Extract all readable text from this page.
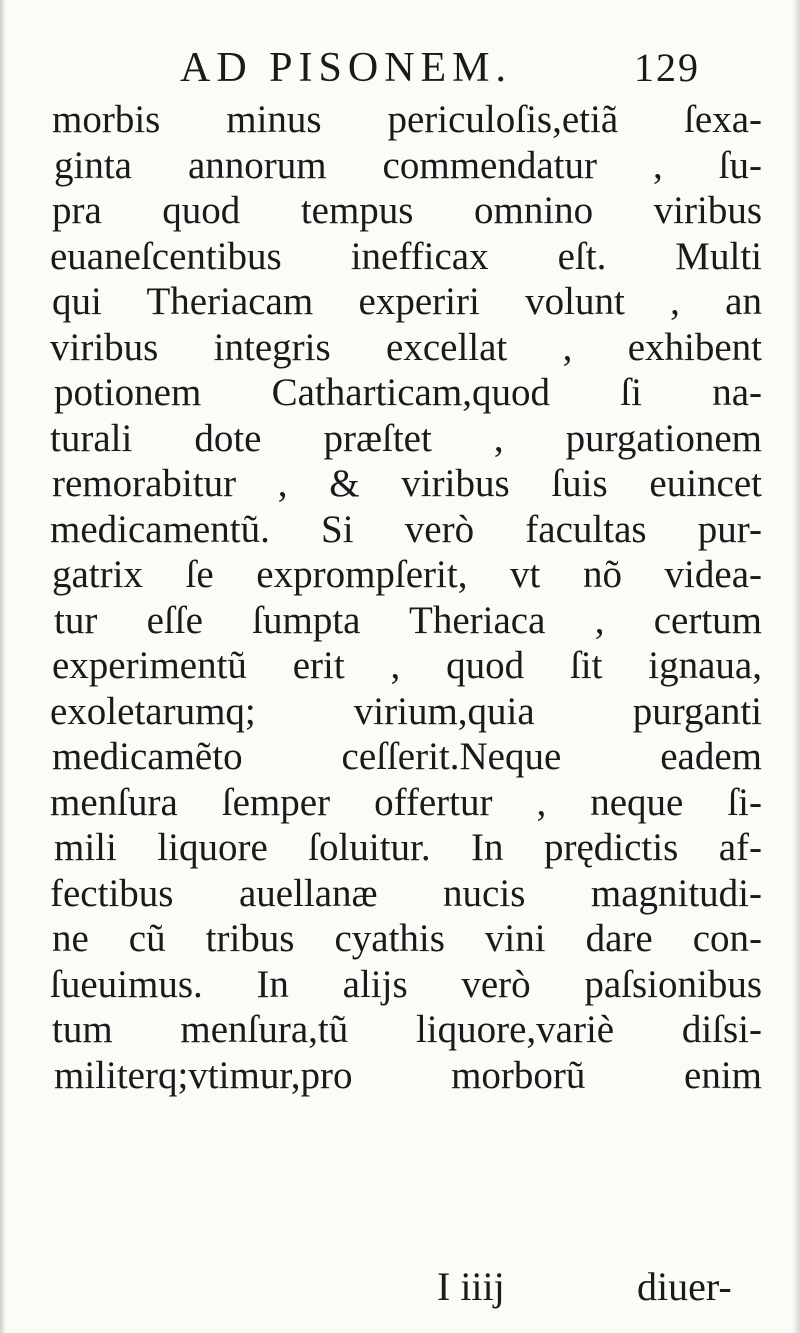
AD PISONEM.	129
morbis minus periculoſis,etiã ſexa-
ginta annorum commendatur , ſu-
pra quod tempus omnino viribus
euaneſcentibus inefficax eſt. Multi
qui Theriacam experiri volunt , an
viribus integris excellat , exhibent
potionem Catharticam,quod ſi na-
turali dote præſtet , purgationem
remorabitur , & viribus ſuis euincet
medicamentũ. Si verò facultas pur-
gatrix ſe exprompſerit, vt nõ videa-
tur eſſe ſumpta Theriaca , certum
experimentũ erit , quod ſit ignaua,
exoletarumq; virium,quia purganti
medicamẽto ceſſerit.Neque eadem
menſura ſemper offertur , neque ſi-
mili liquore ſoluitur. In prędictis af-
fectibus auellanæ nucis magnitudi-
ne cũ tribus cyathis vini dare con-
ſueuimus. In alijs verò paſsionibus
tum menſura,tũ liquore,variè diſsi-
militerq;vtimur,pro morborũ enim
I iiij	diuer-
